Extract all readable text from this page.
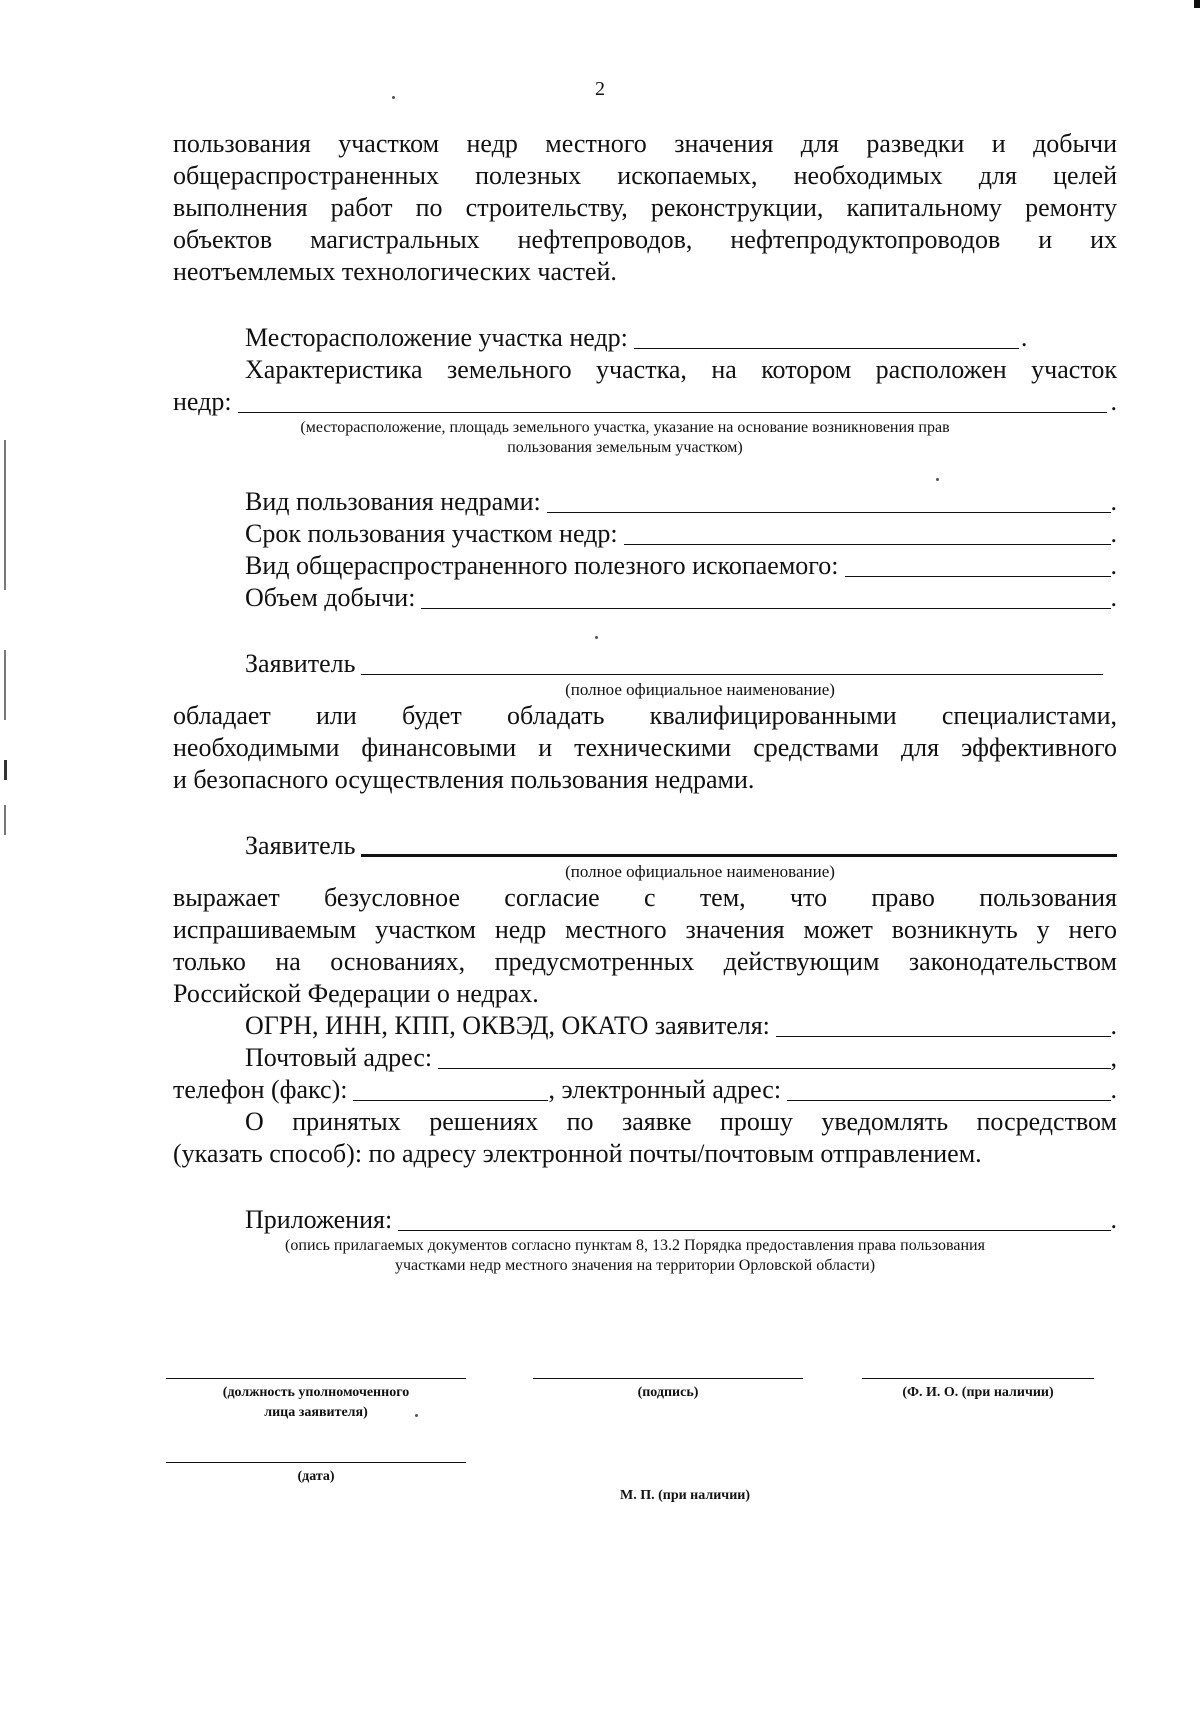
2
пользования участком недр местного значения для разведки и добычи
общераспространенных полезных ископаемых, необходимых для целей
выполнения работ по строительству, реконструкции, капитальному ремонту
объектов магистральных нефтепроводов, нефтепродуктопроводов и их
неотъемлемых технологических частей.
Месторасположение участка недр:	.
Характеристика земельного участка, на котором расположен участок
недр:	.
(месторасположение, площадь земельного участка, указание на основание возникновения прав
пользования земельным участком)
Вид пользования недрами:	.
Срок пользования участком недр:	.
Вид общераспространенного полезного ископаемого:	.
Объем добычи:	.
Заявитель
(полное официальное наименование)
обладает или будет обладать квалифицированными специалистами,
необходимыми финансовыми и техническими средствами для эффективного
и безопасного осуществления пользования недрами.
Заявитель
(полное официальное наименование)
выражает безусловное согласие с тем, что право пользования
испрашиваемым участком недр местного значения может возникнуть у него
только на основаниях, предусмотренных действующим законодательством
Российской Федерации о недрах.
ОГРН, ИНН, КПП, ОКВЭД, ОКАТО заявителя:	.
Почтовый адрес:	,
телефон (факс):	, электронный адрес:	.
О принятых решениях по заявке прошу уведомлять посредством
(указать способ): по адресу электронной почты/почтовым отправлением.
Приложения:	.
(опись прилагаемых документов согласно пунктам 8, 13.2 Порядка предоставления права пользования
участками недр местного значения на территории Орловской области)
(должность уполномоченного
лица заявителя)
(подпись)	(Ф. И. О. (при наличии)
(дата)
М. П. (при наличии)
